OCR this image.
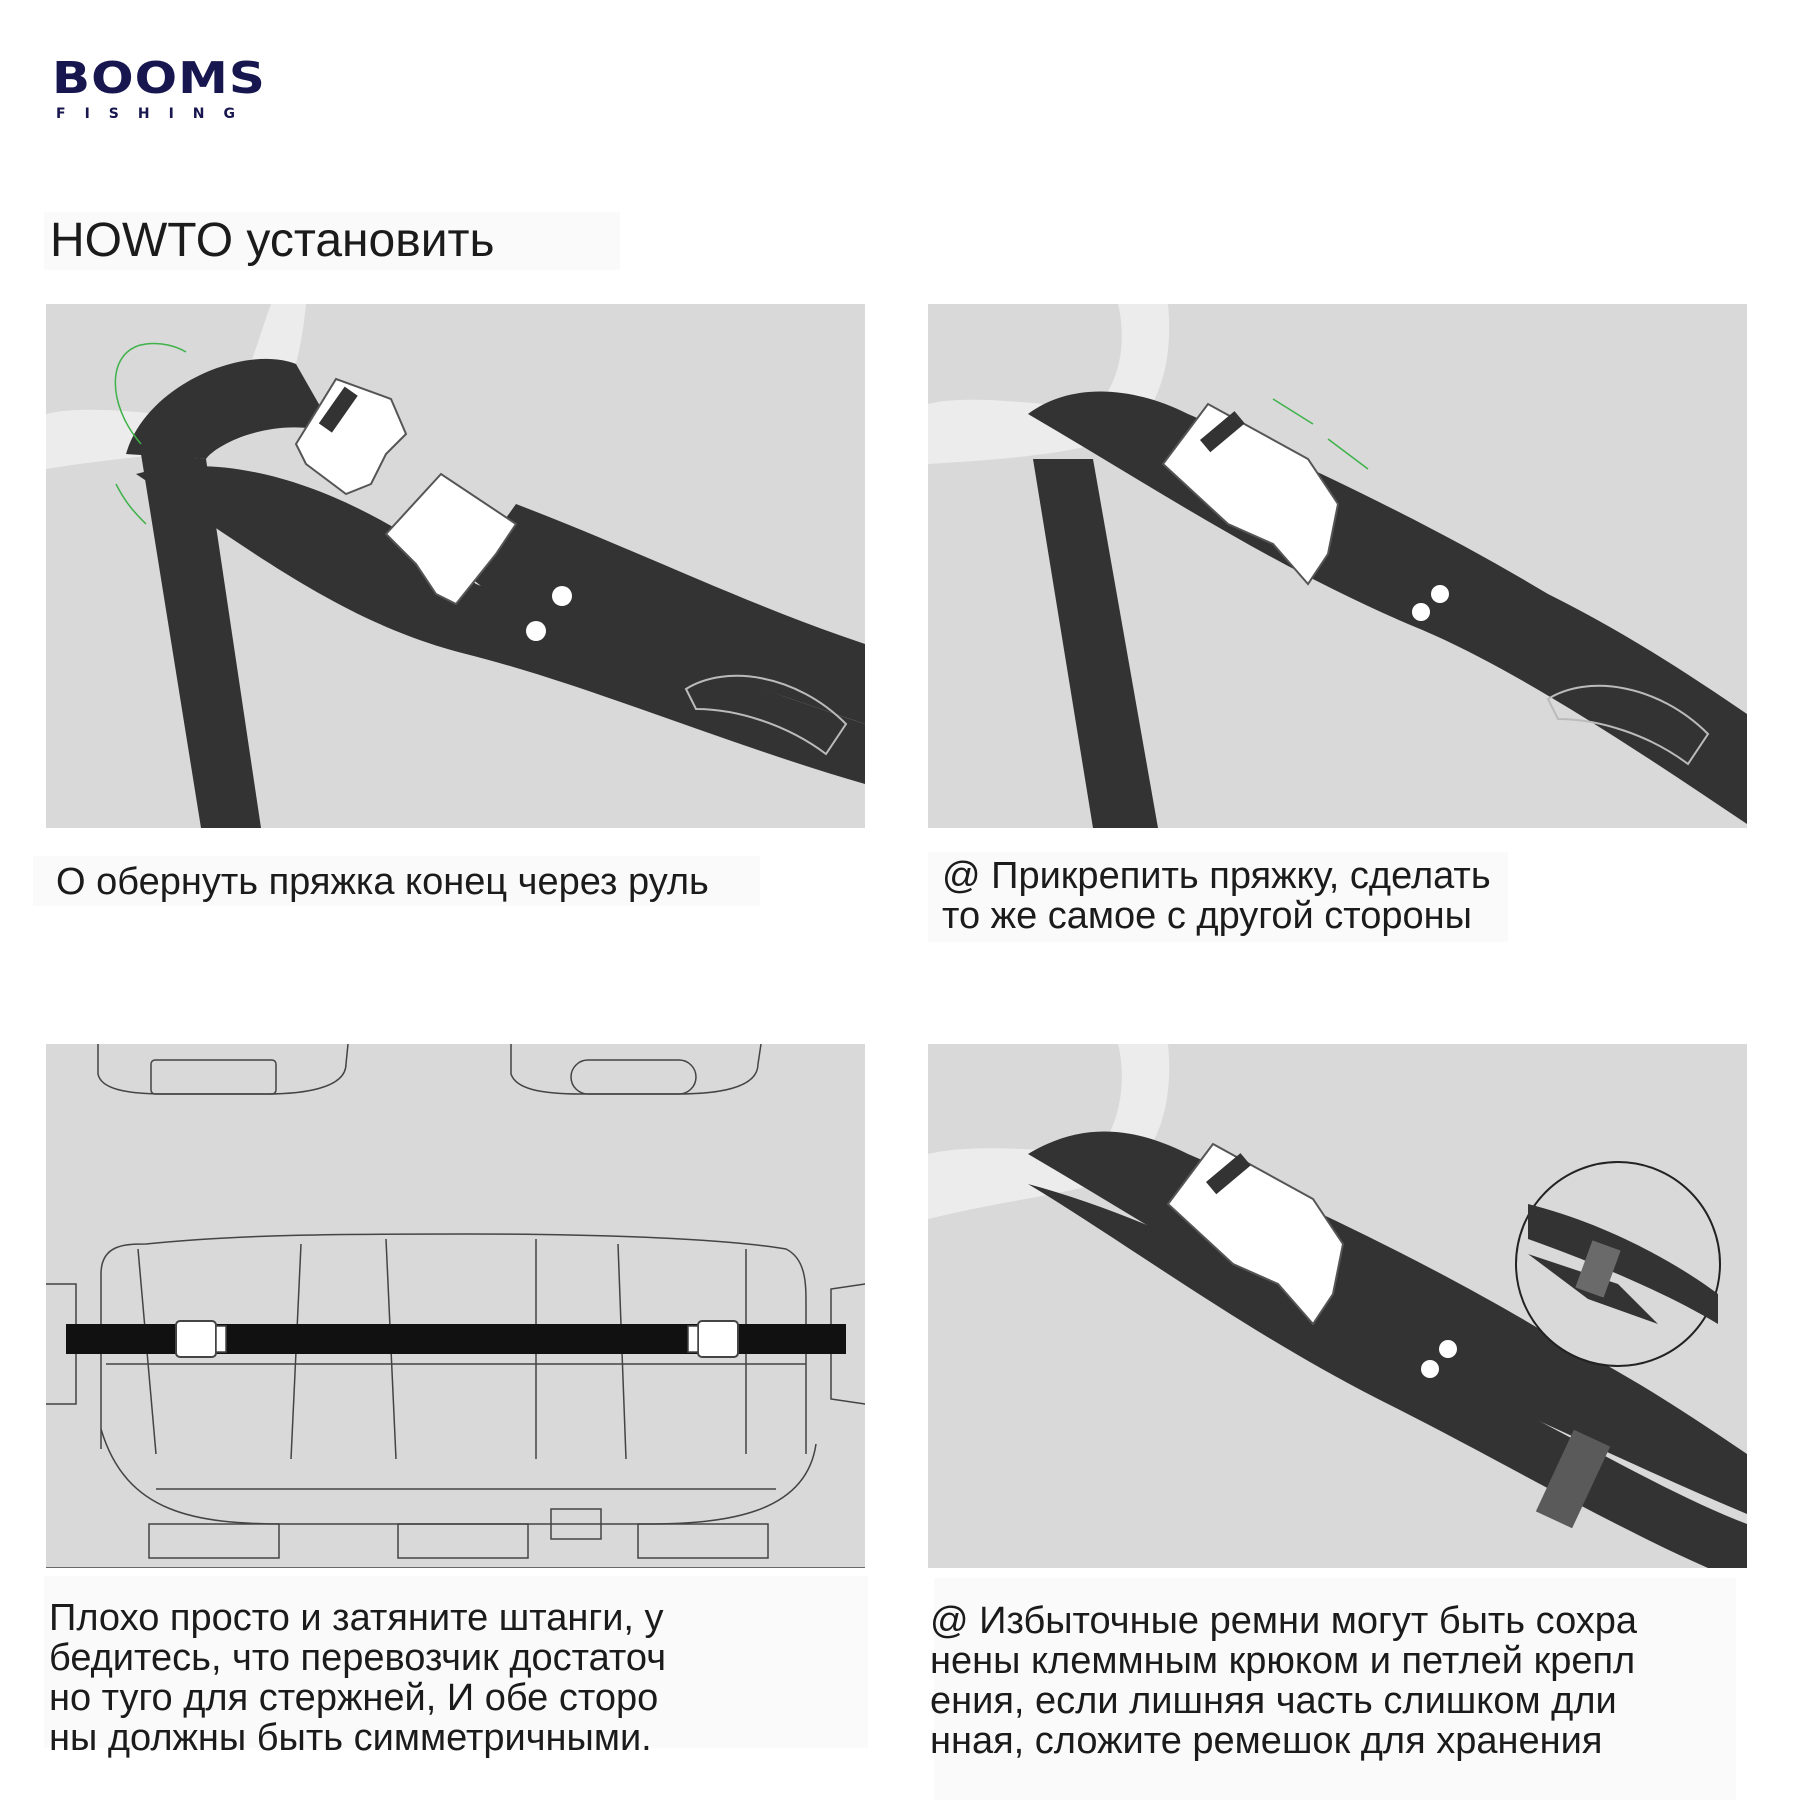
BOOMS
FISHING
HOWTO установить
О обернуть пряжка конец через руль	@ Прикрепить пряжку, сделать
то же самое с другой стороны
Плохо просто и затяните штанги, у
бедитесь, что перевозчик достаточ
но туго для стержней, И обе сторо
ны должны быть симметричными.
@ Избыточные ремни могут быть сохра
нены клеммным крюком и петлей крепл
ения, если лишняя часть слишком дли
нная, сложите ремешок для хранения
